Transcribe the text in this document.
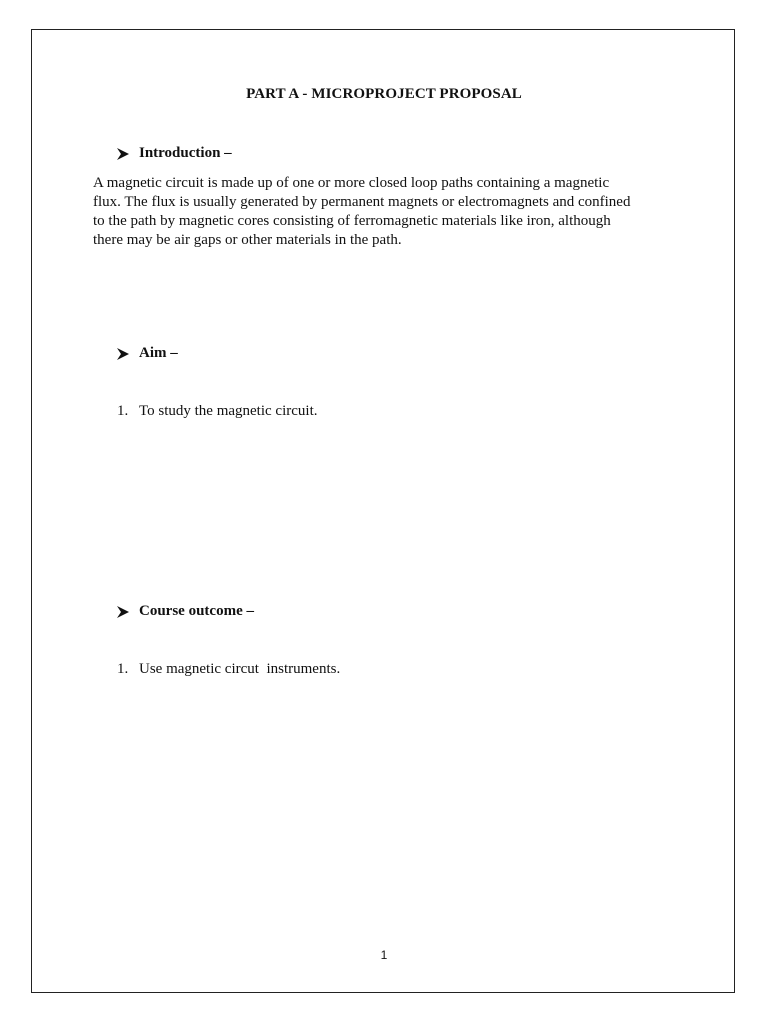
PART A - MICROPROJECT PROPOSAL
Introduction –
A magnetic circuit is made up of one or more closed loop paths containing a magnetic
flux. The flux is usually generated by permanent magnets or electromagnets and confined
to the path by magnetic cores consisting of ferromagnetic materials like iron, although
there may be air gaps or other materials in the path.
Aim –
1. To study the magnetic circuit.
Course outcome –
1. Use magnetic circut  instruments.
1
